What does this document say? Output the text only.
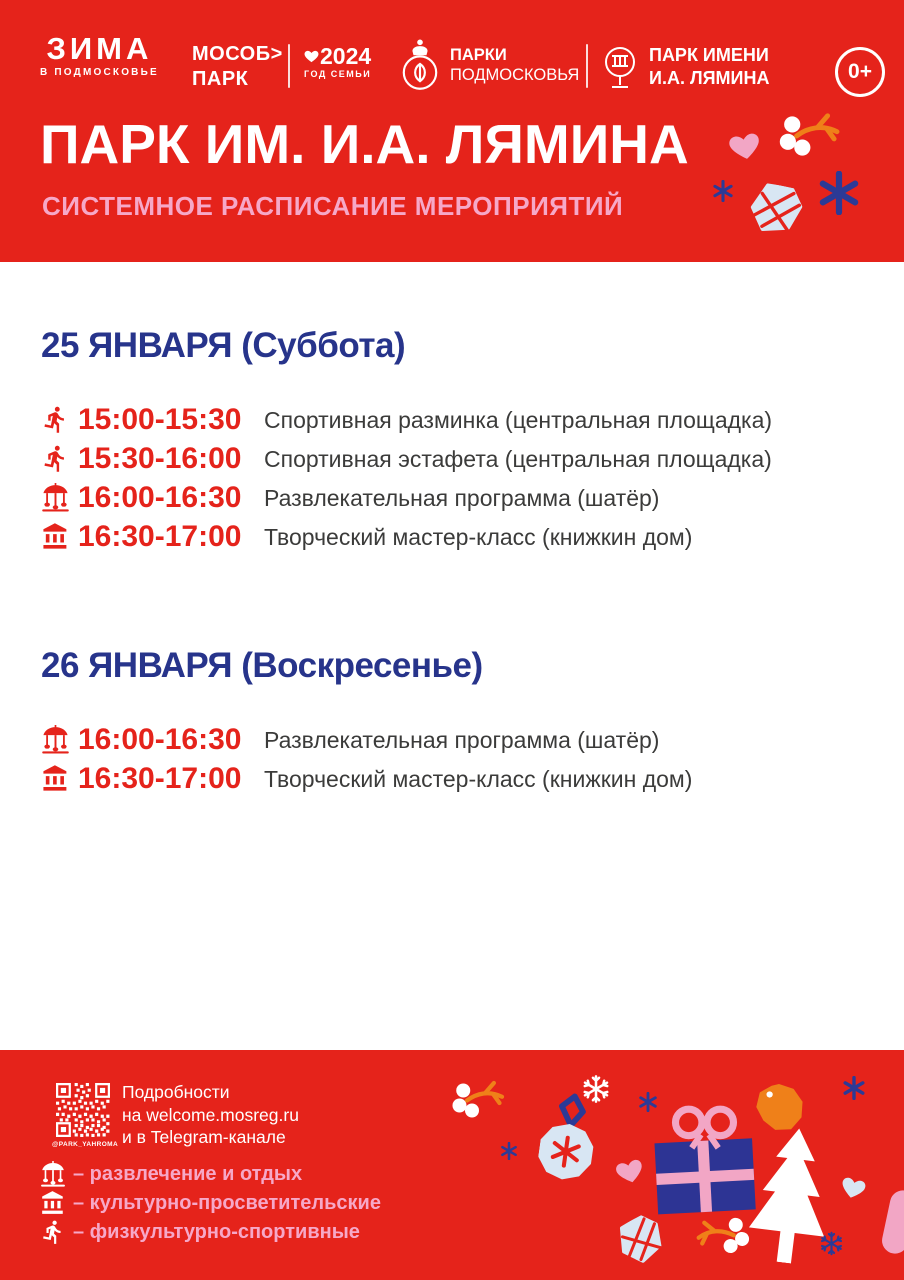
ЗИМА
В ПОДМОСКОВЬЕ
МОСОБ>
ПАРК
2024
ГОД СЕМЬИ
ПАРКИ
ПОДМОСКОВЬЯ
ПАРК ИМЕНИ
И.А. ЛЯМИНА	0+
ПАРК ИМ. И.А. ЛЯМИНА
СИСТЕМНОЕ РАСПИСАНИЕ МЕРОПРИЯТИЙ
25 ЯНВАРЯ (Суббота)
15:00-15:30 Спортивная разминка (центральная площадка)
15:30-16:00 Спортивная эстафета (центральная площадка)
16:00-16:30 Развлекательная программа (шатёр)
16:30-17:00 Творческий мастер-класс (книжкин дом)
26 ЯНВАРЯ (Воскресенье)
16:00-16:30 Развлекательная программа (шатёр)
16:30-17:00 Творческий мастер-класс (книжкин дом)
@PARK_YAHROMA
Подробности
на welcome.mosreg.ru
и в Telegram-канале
– развлечение и отдых
– культурно-просветительские
– физкультурно-спортивные
